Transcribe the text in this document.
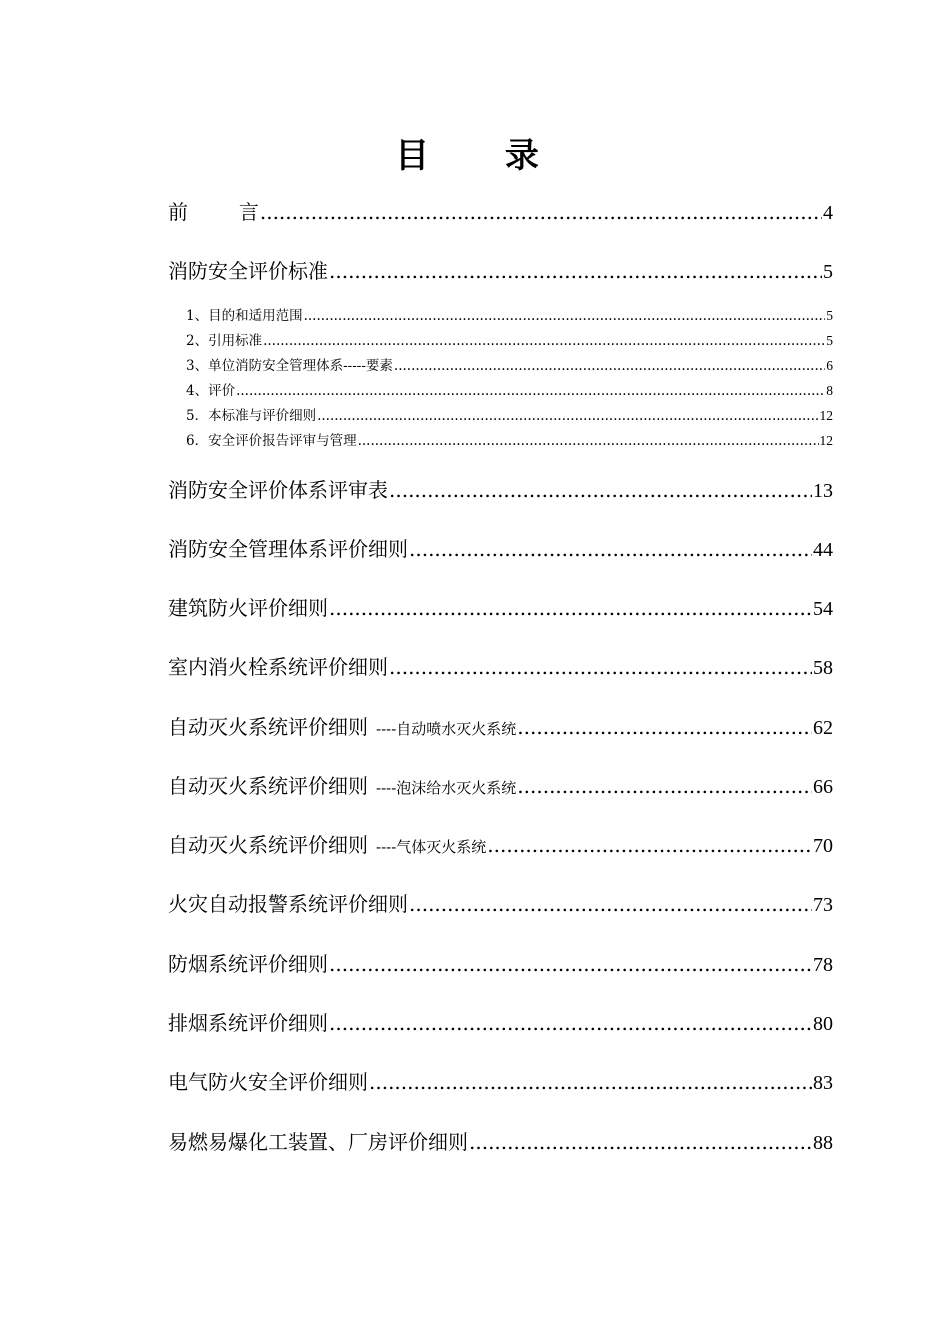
目 录
前        言 .....	4
消防安全评价标准 .....	5
1、目的和适用范围 .....	5
2、引用标准 .....	5
3、单位消防安全管理体系-----要素 .....	6
4、评价 .....	8
5．本标准与评价细则 .....	12
6．安全评价报告评审与管理 .....	12
消防安全评价体系评审表 .....	13
消防安全管理体系评价细则 .....	44
建筑防火评价细则 .....	54
室内消火栓系统评价细则 .....	58
自动灭火系统评价细则 ----自动喷水灭火系统 .....	62
自动灭火系统评价细则 ----泡沫给水灭火系统 .....	66
自动灭火系统评价细则 ----气体灭火系统 .....	70
火灾自动报警系统评价细则 .....	73
防烟系统评价细则 .....	78
排烟系统评价细则 .....	80
电气防火安全评价细则 .....	83
易燃易爆化工装置、厂房评价细则 .....	88
